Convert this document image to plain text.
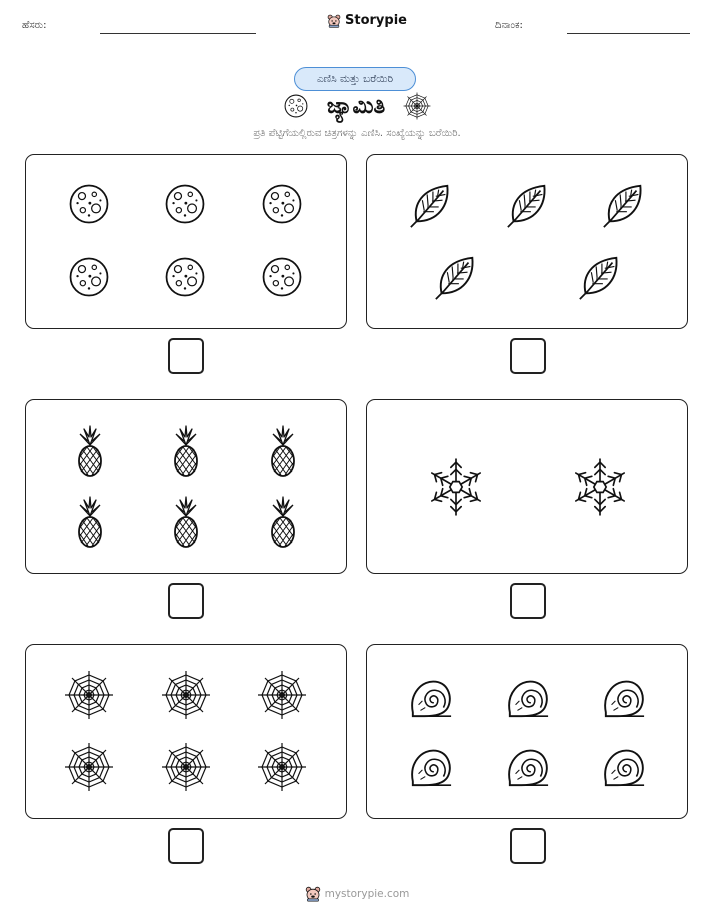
ಹೆಸರು:	Storypie	ದಿನಾಂಕ:
ಎಣಿಸಿ ಮತ್ತು ಬರೆಯಿರಿ
ಜ್ಯಾಮಿತಿ
ಪ್ರತಿ ಪೆಟ್ಟಿಗೆಯಲ್ಲಿರುವ ಚಿತ್ರಗಳನ್ನು ಎಣಿಸಿ. ಸಂಖ್ಯೆಯನ್ನು ಬರೆಯಿರಿ.
mystorypie.com
